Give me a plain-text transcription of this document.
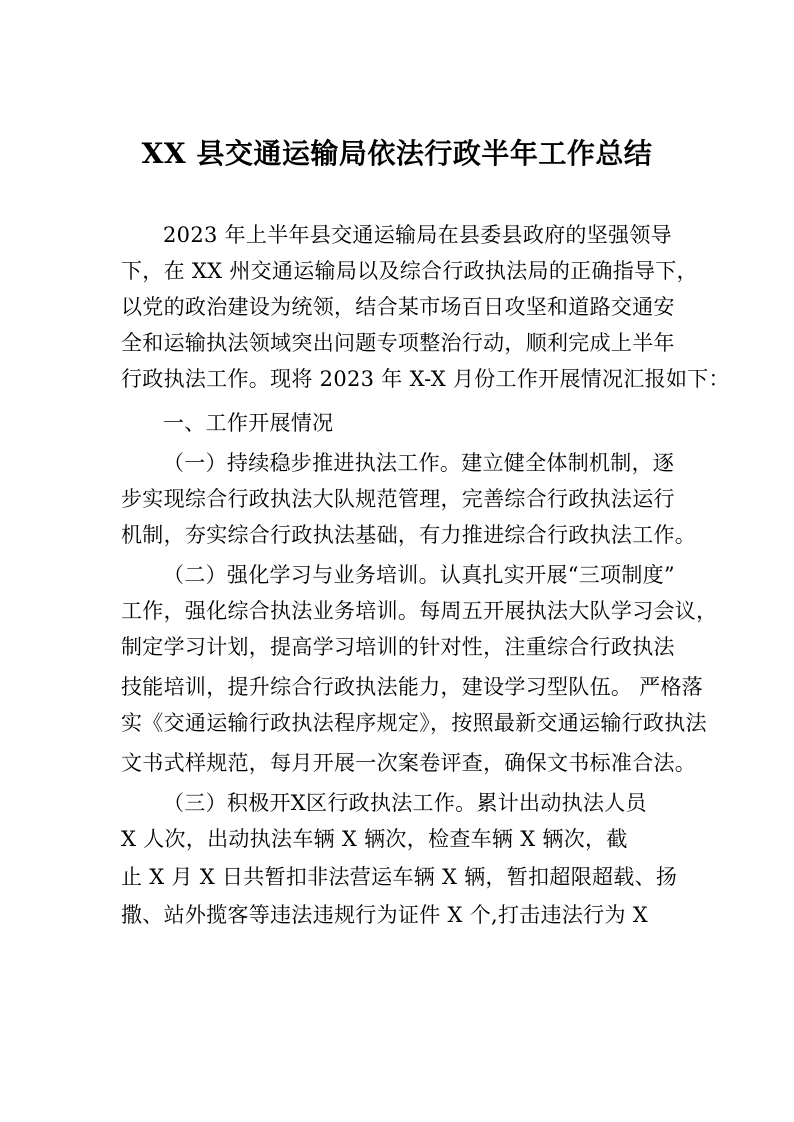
XX 县交通运输局依法行政半年工作总结
2023 年上半年县交通运输局在县委县政府的坚强领导
下，在 XX 州交通运输局以及综合行政执法局的正确指导下，
以党的政治建设为统领，结合某市场百日攻坚和道路交通安
全和运输执法领域突出问题专项整治行动，顺利完成上半年
行政执法工作。现将 2023 年 X-X 月份工作开展情况汇报如下：
一、工作开展情况
（一）持续稳步推进执法工作。建立健全体制机制，逐
步实现综合行政执法大队规范管理，完善综合行政执法运行
机制，夯实综合行政执法基础，有力推进综合行政执法工作。
（二）强化学习与业务培训。认真扎实开展“三项制度”
工作，强化综合执法业务培训。每周五开展执法大队学习会议，
制定学习计划，提高学习培训的针对性，注重综合行政执法
技能培训，提升综合行政执法能力，建设学习型队伍。 严格落
实《交通运输行政执法程序规定》，按照最新交通运输行政执法
文书式样规范，每月开展一次案卷评查，确保文书标准合法。
（三）积极开X区行政执法工作。累计出动执法人员
X 人次，出动执法车辆 X 辆次，检查车辆 X 辆次，截
止 X 月 X 日共暂扣非法营运车辆 X 辆，暂扣超限超载、扬
撒、站外揽客等违法违规行为证件 X 个,打击违法行为 X
